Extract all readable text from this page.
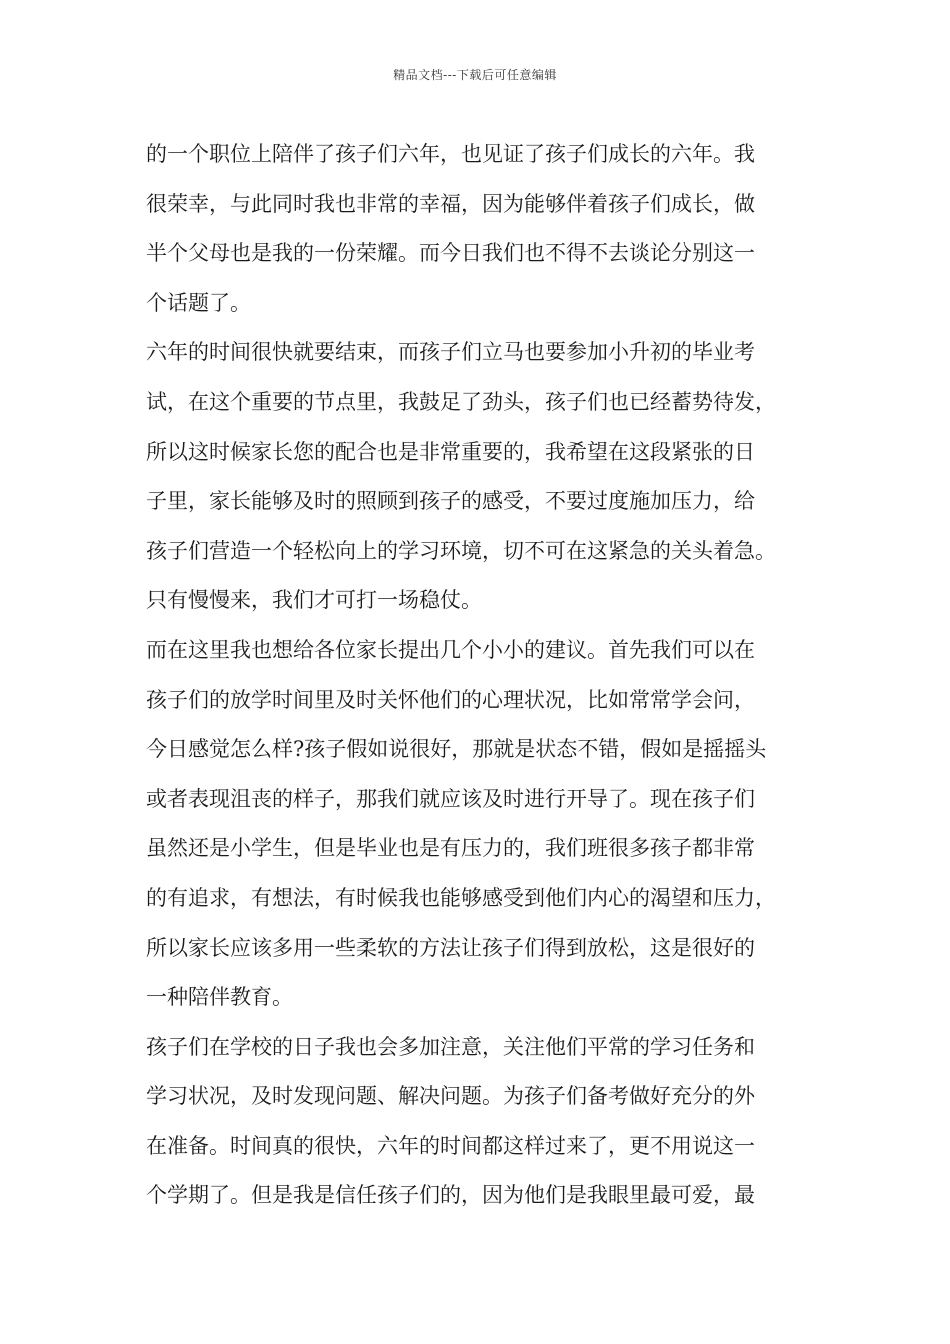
精品文档---下载后可任意编辑
的一个职位上陪伴了孩子们六年，也见证了孩子们成长的六年。我
很荣幸，与此同时我也非常的幸福，因为能够伴着孩子们成长，做
半个父母也是我的一份荣耀。而今日我们也不得不去谈论分别这一
个话题了。
六年的时间很快就要结束，而孩子们立马也要参加小升初的毕业考
试，在这个重要的节点里，我鼓足了劲头，孩子们也已经蓄势待发，
所以这时候家长您的配合也是非常重要的，我希望在这段紧张的日
子里，家长能够及时的照顾到孩子的感受，不要过度施加压力，给
孩子们营造一个轻松向上的学习环境，切不可在这紧急的关头着急。
只有慢慢来，我们才可打一场稳仗。
而在这里我也想给各位家长提出几个小小的建议。首先我们可以在
孩子们的放学时间里及时关怀他们的心理状况，比如常常学会问，
今日感觉怎么样?孩子假如说很好，那就是状态不错，假如是摇摇头
或者表现沮丧的样子，那我们就应该及时进行开导了。现在孩子们
虽然还是小学生，但是毕业也是有压力的，我们班很多孩子都非常
的有追求，有想法，有时候我也能够感受到他们内心的渴望和压力，
所以家长应该多用一些柔软的方法让孩子们得到放松，这是很好的
一种陪伴教育。
孩子们在学校的日子我也会多加注意，关注他们平常的学习任务和
学习状况，及时发现问题、解决问题。为孩子们备考做好充分的外
在准备。时间真的很快，六年的时间都这样过来了，更不用说这一
个学期了。但是我是信任孩子们的，因为他们是我眼里最可爱，最
